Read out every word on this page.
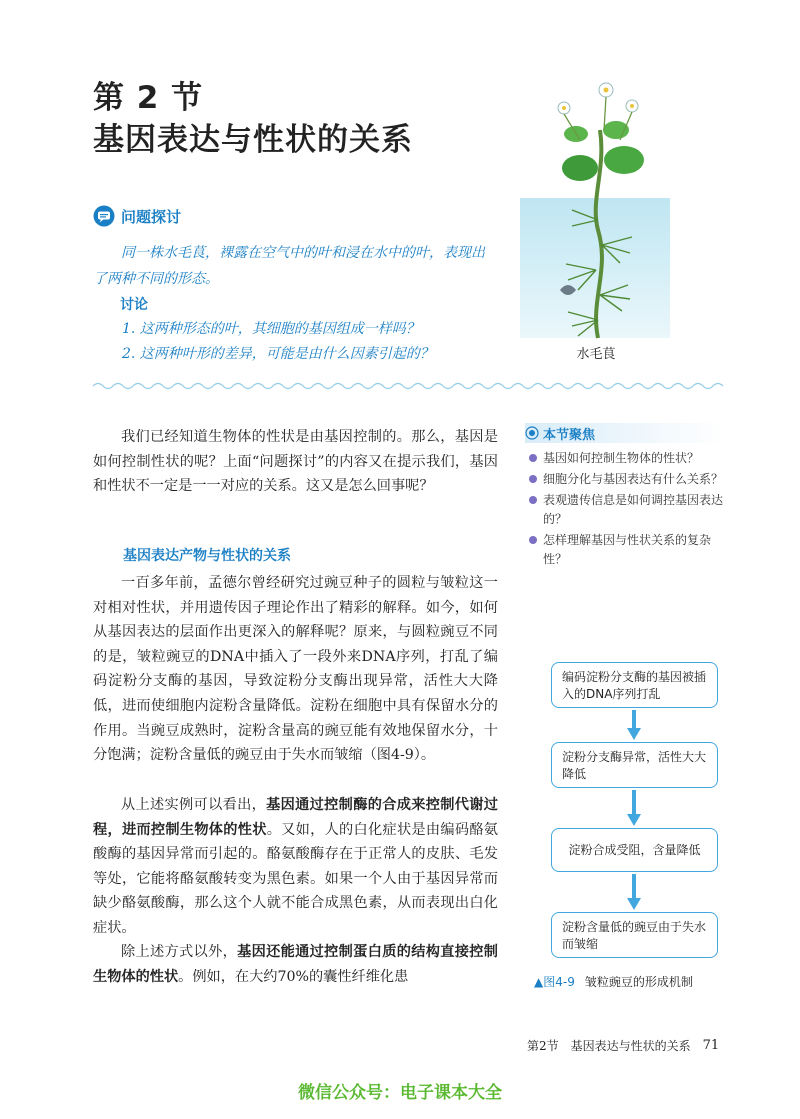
第 2 节
基因表达与性状的关系
水毛茛
问题探讨

同一株水毛茛，裸露在空气中的叶和浸在水中的叶，表现出了两种不同的形态。

讨论

1. 这两种形态的叶，其细胞的基因组成一样吗？

2. 这两种叶形的差异，可能是由什么因素引起的？

我们已经知道生物体的性状是由基因控制的。那么，基因是如何控制性状的呢？上面“问题探讨”的内容又在提示我们，基因和性状不一定是一一对应的关系。这又是怎么回事呢？

基因表达产物与性状的关系

一百多年前，孟德尔曾经研究过豌豆种子的圆粒与皱粒这一对相对性状，并用遗传因子理论作出了精彩的解释。如今，如何从基因表达的层面作出更深入的解释呢？原来，与圆粒豌豆不同的是，皱粒豌豆的DNA中插入了一段外来DNA序列，打乱了编码淀粉分支酶的基因，导致淀粉分支酶出现异常，活性大大降低，进而使细胞内淀粉含量降低。淀粉在细胞中具有保留水分的作用。当豌豆成熟时，淀粉含量高的豌豆能有效地保留水分，十分饱满；淀粉含量低的豌豆由于失水而皱缩（图4-9）。

从上述实例可以看出，基因通过控制酶的合成来控制代谢过程，进而控制生物体的性状。又如，人的白化症状是由编码酪氨酸酶的基因异常而引起的。酪氨酸酶存在于正常人的皮肤、毛发等处，它能将酪氨酸转变为黑色素。如果一个人由于基因异常而缺少酪氨酸酶，那么这个人就不能合成黑色素，从而表现出白化症状。

除上述方式以外，基因还能通过控制蛋白质的结构直接控制生物体的性状。例如，在大约70%的囊性纤维化患

本节聚焦
基因如何控制生物体的性状？
细胞分化与基因表达有什么关系？
表观遗传信息是如何调控基因表达的？
怎样理解基因与性状关系的复杂性？
编码淀粉分支酶的基因被插入的DNA序列打乱
淀粉分支酶异常，活性大大降低
淀粉合成受阻，含量降低
淀粉含量低的豌豆由于失水而皱缩
▲图4-9 皱粒豌豆的形成机制
第2节 基因表达与性状的关系 71
微信公众号：电子课本大全
